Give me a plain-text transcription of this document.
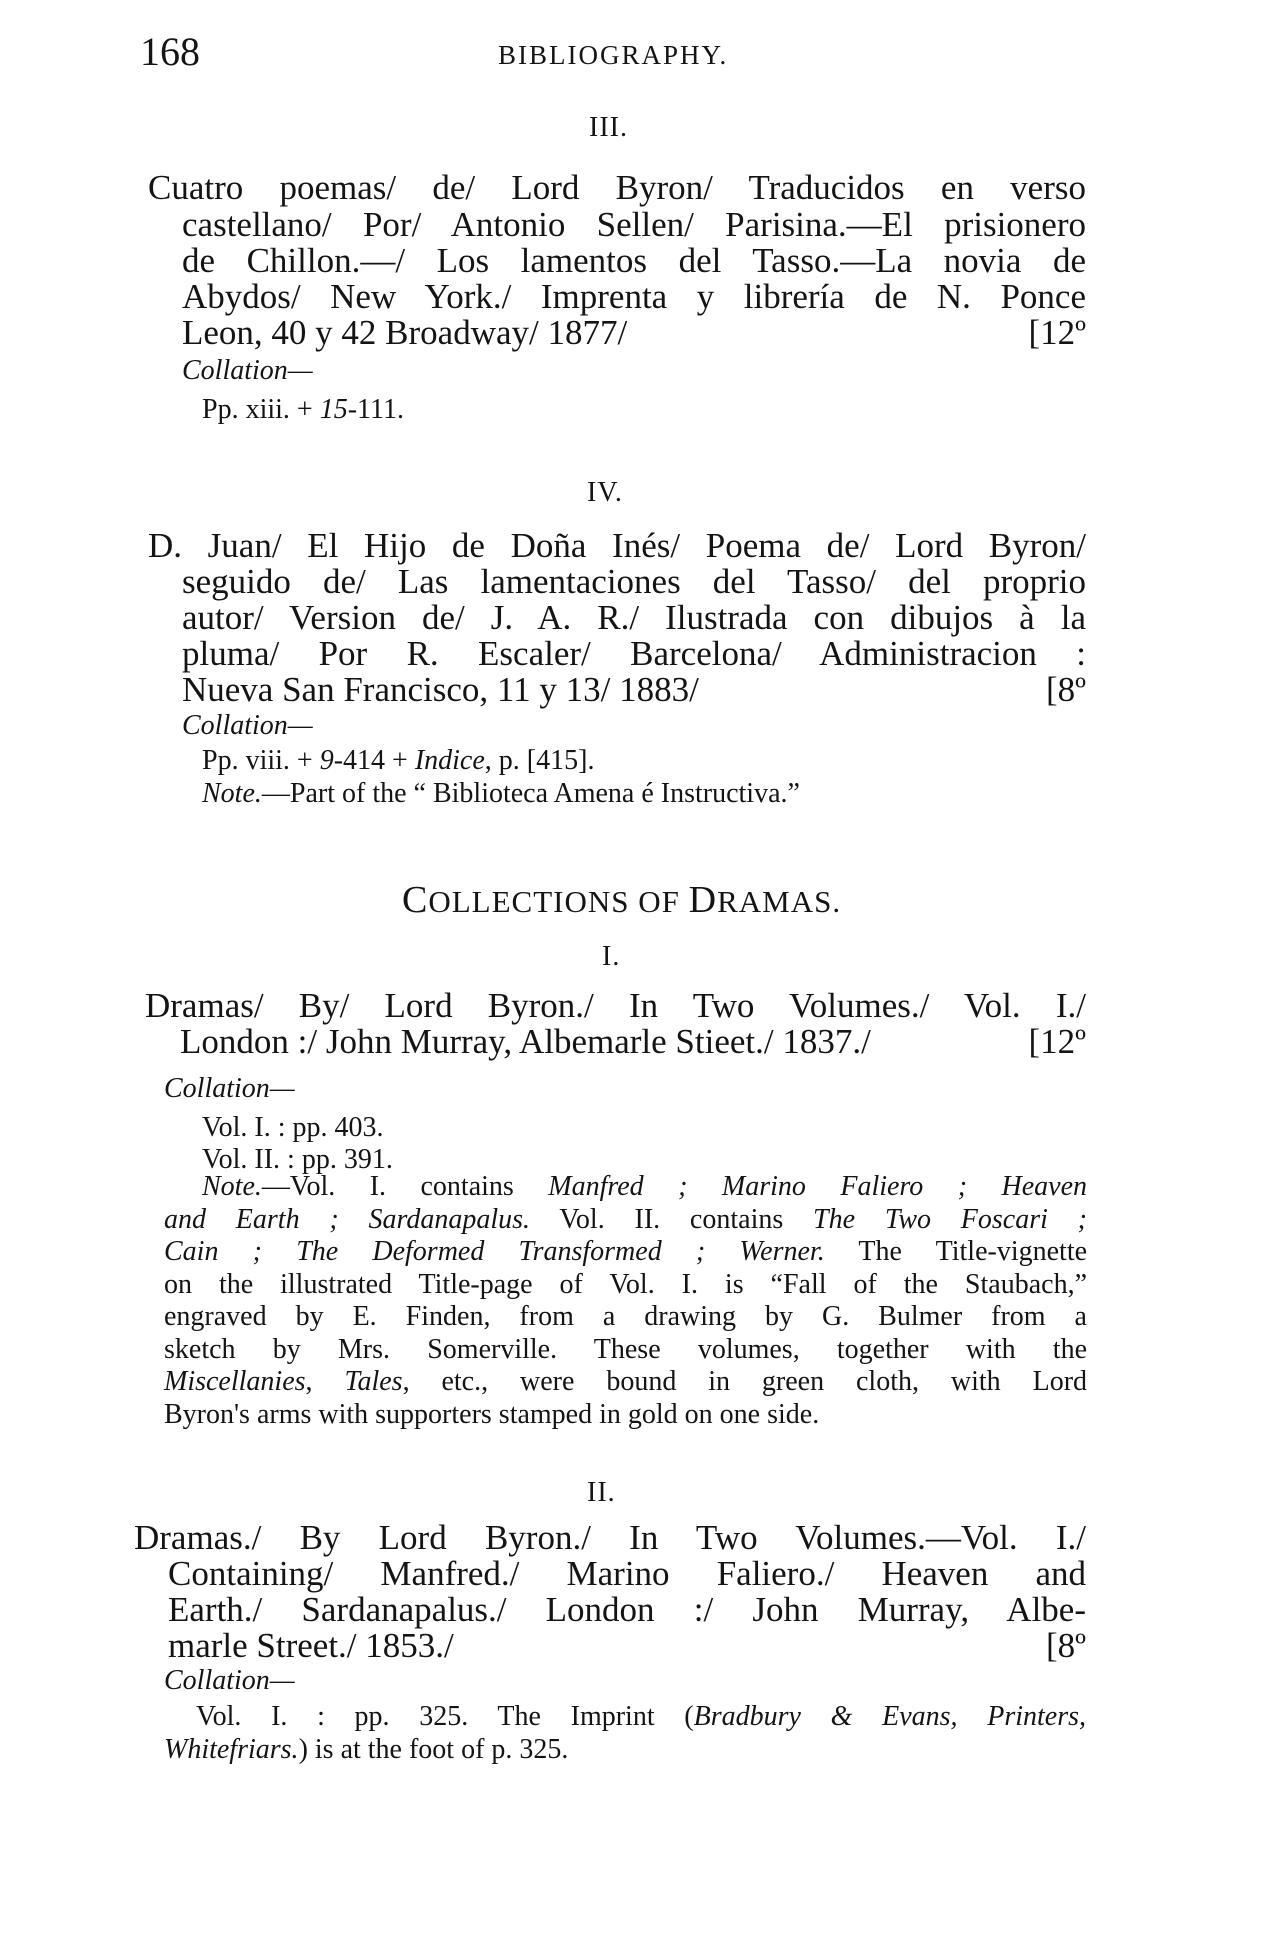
168	BIBLIOGRAPHY.
III.
Cuatro poemas/ de/ Lord Byron/ Traducidos en verso
castellano/ Por/ Antonio Sellen/ Parisina.—El prisionero
de Chillon.—/ Los lamentos del Tasso.—La novia de
Abydos/ New York./ Imprenta y librería de N. Ponce
Leon, 40 y 42 Broadway/ 1877/	[12º
Collation—
Pp. xiii. + 15-111.
IV.
D. Juan/ El Hijo de Doña Inés/ Poema de/ Lord Byron/
seguido de/ Las lamentaciones del Tasso/ del proprio
autor/ Version de/ J. A. R./ Ilustrada con dibujos à la
pluma/ Por R. Escaler/ Barcelona/ Administracion :
Nueva San Francisco, 11 y 13/ 1883/	[8º
Collation—
Pp. viii. + 9-414 + Indice, p. [415].
Note.—Part of the “ Biblioteca Amena é Instructiva.”
COLLECTIONS OF DRAMAS.
I.
Dramas/ By/ Lord Byron./ In Two Volumes./ Vol. I./
London :/ John Murray, Albemarle Stieet./ 1837./	[12º
Collation—
Vol. I. : pp. 403.
Vol. II. : pp. 391.
Note.—Vol. I. contains Manfred ; Marino Faliero ; Heaven
and Earth ; Sardanapalus. Vol. II. contains The Two Foscari ;
Cain ; The Deformed Transformed ; Werner. The Title-vignette
on the illustrated Title-page of Vol. I. is “Fall of the Staubach,”
engraved by E. Finden, from a drawing by G. Bulmer from a
sketch by Mrs. Somerville. These volumes, together with the
Miscellanies, Tales, etc., were bound in green cloth, with Lord
Byron's arms with supporters stamped in gold on one side.
II.
Dramas./ By Lord Byron./ In Two Volumes.—Vol. I./
Containing/ Manfred./ Marino Faliero./ Heaven and
Earth./ Sardanapalus./ London :/ John Murray, Albe-
marle Street./ 1853./	[8º
Collation—
Vol. I. : pp. 325. The Imprint (Bradbury & Evans, Printers,
Whitefriars.) is at the foot of p. 325.
